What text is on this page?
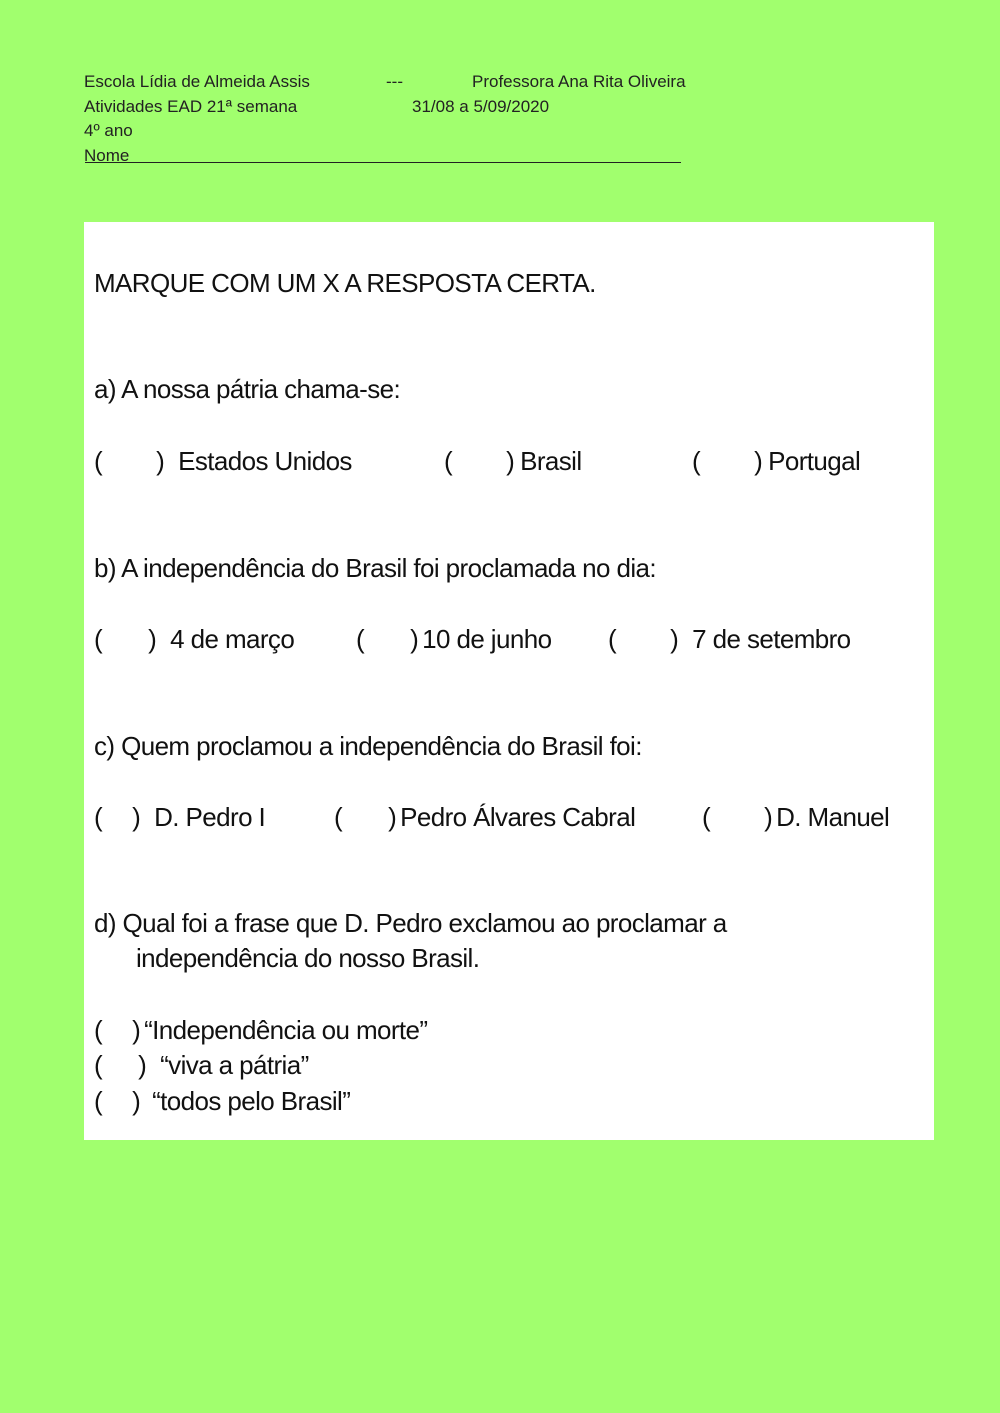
Escola Lídia de Almeida Assis	---	Professora Ana Rita Oliveira
Atividades EAD 21ª semana	31/08 a 5/09/2020
4º ano
Nome
MARQUE COM UM X A RESPOSTA CERTA.
a) A nossa pátria chama-se:
( ) Estados Unidos	( ) Brasil	( ) Portugal
b) A independência do Brasil foi proclamada no dia:
( ) 4 de março ( ) 10 de junho ( ) 7 de setembro
c) Quem proclamou a independência do Brasil foi:
( ) D. Pedro I	( ) Pedro Álvares Cabral	( ) D. Manuel
d) Qual foi a frase que D. Pedro exclamou ao proclamar a
independência do nosso Brasil.
( ) “Independência ou morte”
( ) “viva a pátria”
( ) “todos pelo Brasil”
